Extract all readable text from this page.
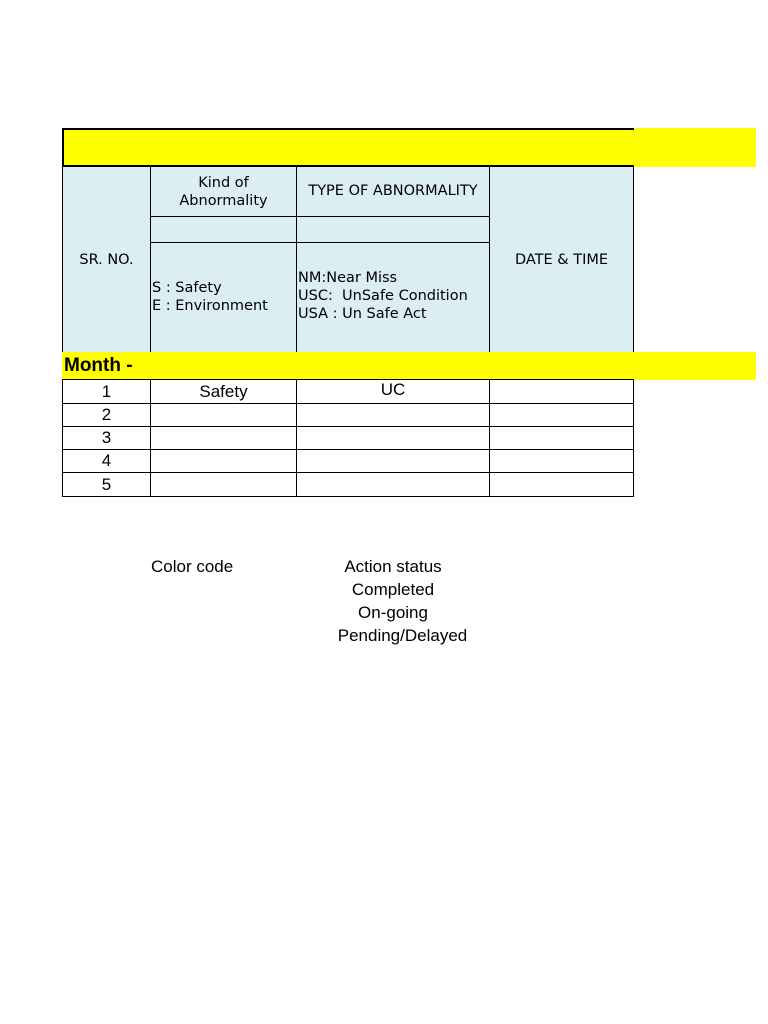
SR. NO.
Kind of Abnormality
S : Safety
E : Environment
TYPE OF ABNORMALITY
NM:Near Miss
USC:  UnSafe Condition
USA : Un Safe Act
DATE & TIME
Month -
1	Safety	UC
2
3
4
5
Color code	Action status
Completed
On-going
Pending/Delayed
